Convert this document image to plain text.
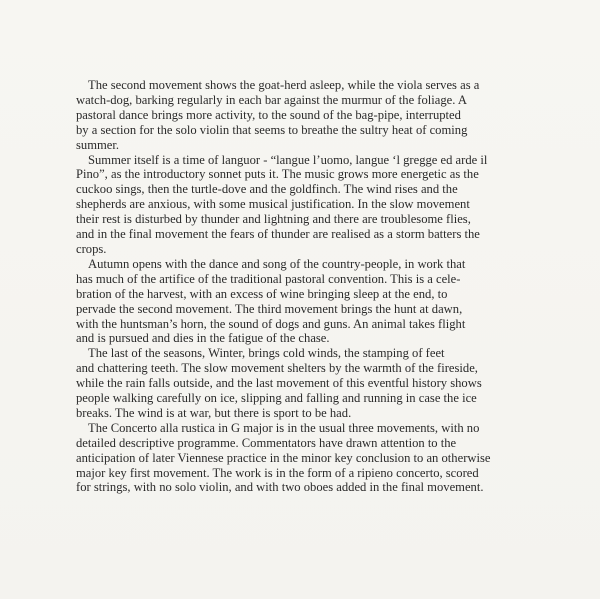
The second movement shows the goat-herd asleep, while the viola serves as a
watch-dog, barking regularly in each bar against the murmur of the foliage. A
pastoral dance brings more activity, to the sound of the bag-pipe, interrupted
by a section for the solo violin that seems to breathe the sultry heat of coming
summer.

Summer itself is a time of languor - “langue l’uomo, langue ‘l gregge ed arde il
Pino”, as the introductory sonnet puts it. The music grows more energetic as the
cuckoo sings, then the turtle-dove and the goldfinch. The wind rises and the
shepherds are anxious, with some musical justification. In the slow movement
their rest is disturbed by thunder and lightning and there are troublesome flies,
and in the final movement the fears of thunder are realised as a storm batters the
crops.

Autumn opens with the dance and song of the country-people, in work that
has much of the artifice of the traditional pastoral convention. This is a cele-
bration of the harvest, with an excess of wine bringing sleep at the end, to
pervade the second movement. The third movement brings the hunt at dawn,
with the huntsman’s horn, the sound of dogs and guns. An animal takes flight
and is pursued and dies in the fatigue of the chase.

The last of the seasons, Winter, brings cold winds, the stamping of feet
and chattering teeth. The slow movement shelters by the warmth of the fireside,
while the rain falls outside, and the last movement of this eventful history shows
people walking carefully on ice, slipping and falling and running in case the ice
breaks. The wind is at war, but there is sport to be had.

The Concerto alla rustica in G major is in the usual three movements, with no
detailed descriptive programme. Commentators have drawn attention to the
anticipation of later Viennese practice in the minor key conclusion to an otherwise
major key first movement. The work is in the form of a ripieno concerto, scored
for strings, with no solo violin, and with two oboes added in the final movement.
